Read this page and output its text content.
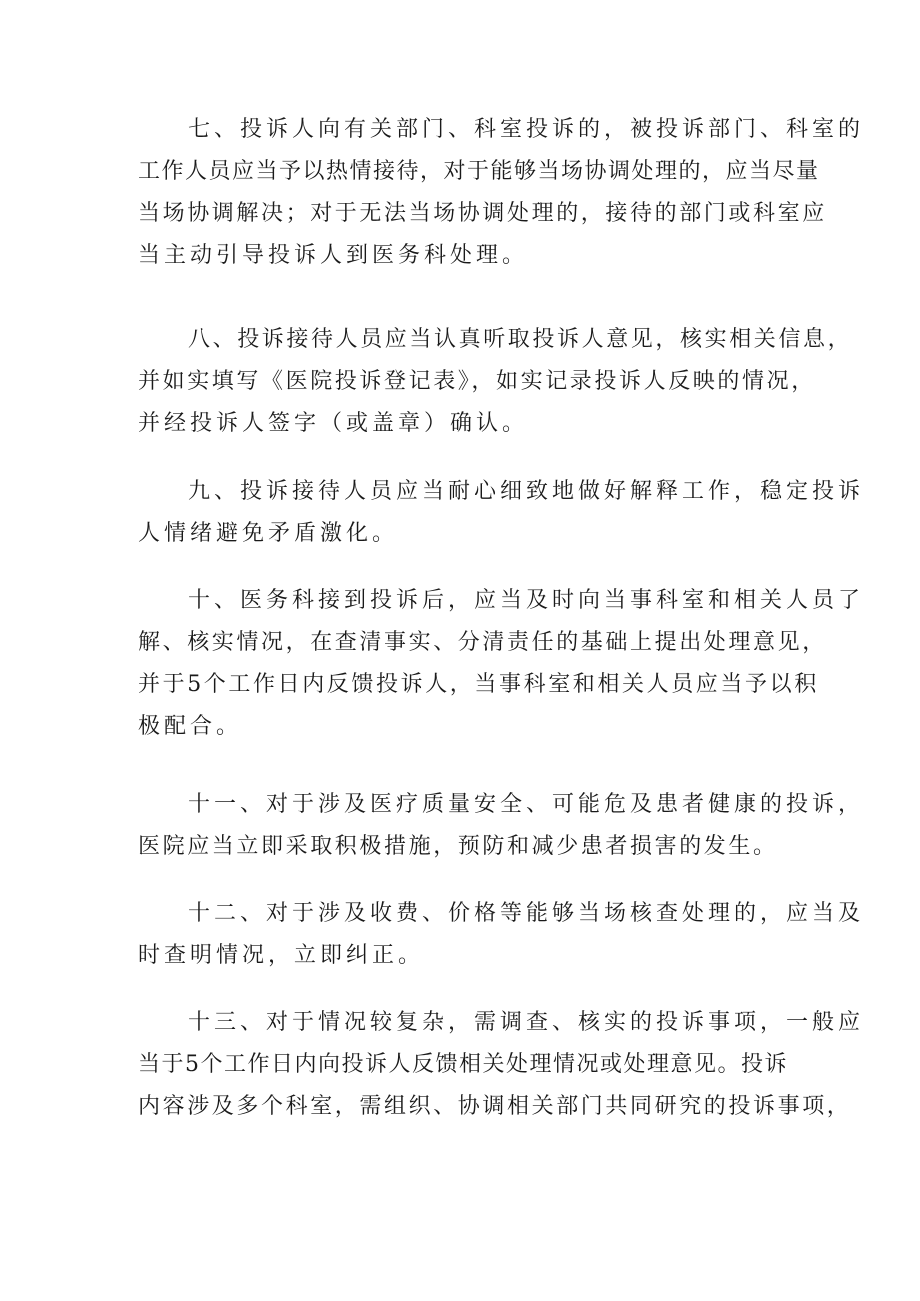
七、投诉人向有关部门、科室投诉的，被投诉部门、科室的
工作人员应当予以热情接待，对于能够当场协调处理的，应当尽量
当场协调解决；对于无法当场协调处理的，接待的部门或科室应
当主动引导投诉人到医务科处理。
八、投诉接待人员应当认真听取投诉人意见，核实相关信息，
并如实填写《医院投诉登记表》，如实记录投诉人反映的情况，
并经投诉人签字（或盖章）确认。
九、投诉接待人员应当耐心细致地做好解释工作，稳定投诉
人情绪避免矛盾激化。
十、医务科接到投诉后，应当及时向当事科室和相关人员了
解、核实情况，在查清事实、分清责任的基础上提出处理意见，
并于5个工作日内反馈投诉人，当事科室和相关人员应当予以积
极配合。
十一、对于涉及医疗质量安全、可能危及患者健康的投诉，
医院应当立即采取积极措施，预防和减少患者损害的发生。
十二、对于涉及收费、价格等能够当场核查处理的，应当及
时查明情况，立即纠正。
十三、对于情况较复杂，需调查、核实的投诉事项，一般应
当于5个工作日内向投诉人反馈相关处理情况或处理意见。投诉
内容涉及多个科室，需组织、协调相关部门共同研究的投诉事项，
